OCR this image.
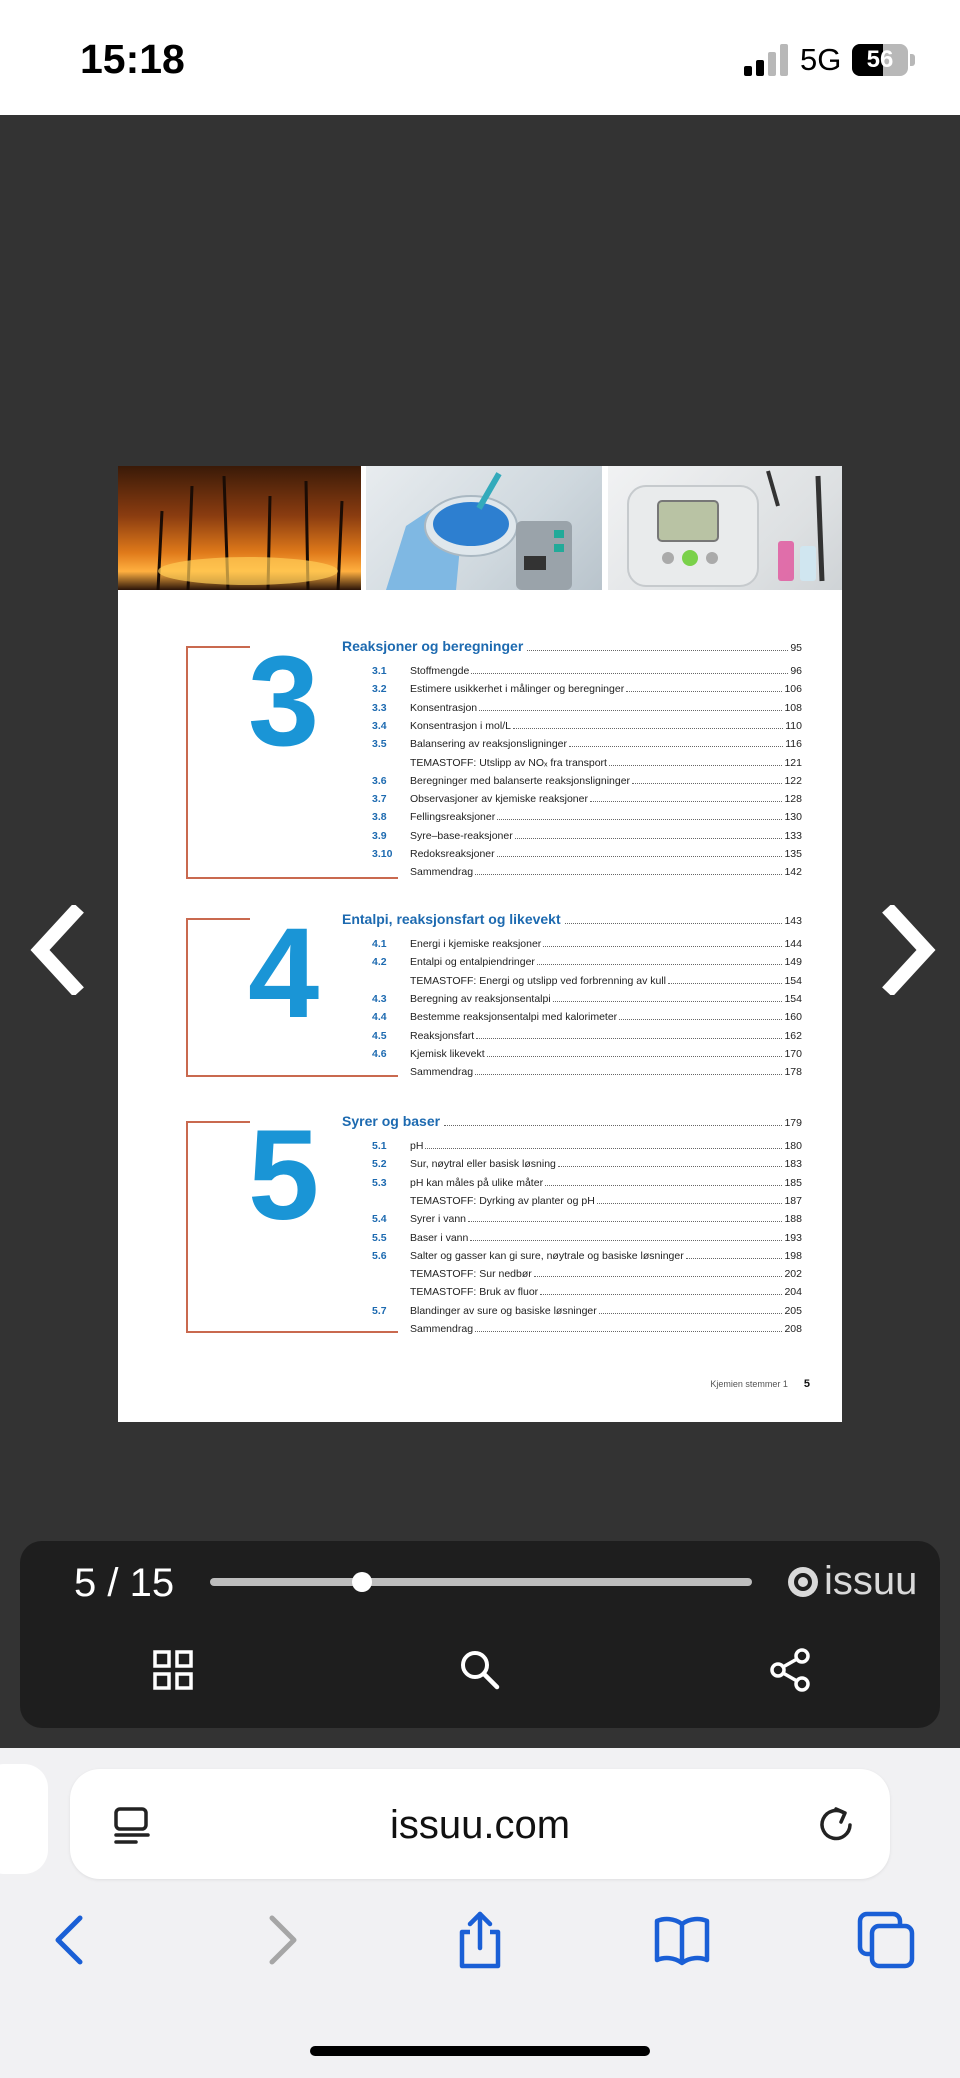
15:18	5G	56
3 Reaksjoner og beregninger	95
3.1	Stoffmengde	96
3.2	Estimere usikkerhet i målinger og beregninger	106
3.3	Konsentrasjon	108
3.4	Konsentrasjon i mol/L	110
3.5	Balansering av reaksjonsligninger	116
TEMASTOFF: Utslipp av NOₓ fra transport	121
3.6	Beregninger med balanserte reaksjonsligninger	122
3.7	Observasjoner av kjemiske reaksjoner	128
3.8	Fellingsreaksjoner	130
3.9	Syre–base-reaksjoner	133
3.10	Redoksreaksjoner	135
Sammendrag	142
4 Entalpi, reaksjonsfart og likevekt	143
4.1	Energi i kjemiske reaksjoner	144
4.2	Entalpi og entalpiendringer	149
TEMASTOFF: Energi og utslipp ved forbrenning av kull	154
4.3	Beregning av reaksjonsentalpi	154
4.4	Bestemme reaksjonsentalpi med kalorimeter	160
4.5	Reaksjonsfart	162
4.6	Kjemisk likevekt	170
Sammendrag	178
5 Syrer og baser	179
5.1	pH	180
5.2	Sur, nøytral eller basisk løsning	183
5.3	pH kan måles på ulike måter	185
TEMASTOFF: Dyrking av planter og pH	187
5.4	Syrer i vann	188
5.5	Baser i vann	193
5.6	Salter og gasser kan gi sure, nøytrale og basiske løsninger	198
TEMASTOFF: Sur nedbør	202
TEMASTOFF: Bruk av fluor	204
5.7	Blandinger av sure og basiske løsninger	205
Sammendrag	208
Kjemien stemmer 1 5
5 / 15	issuu
issuu.com
